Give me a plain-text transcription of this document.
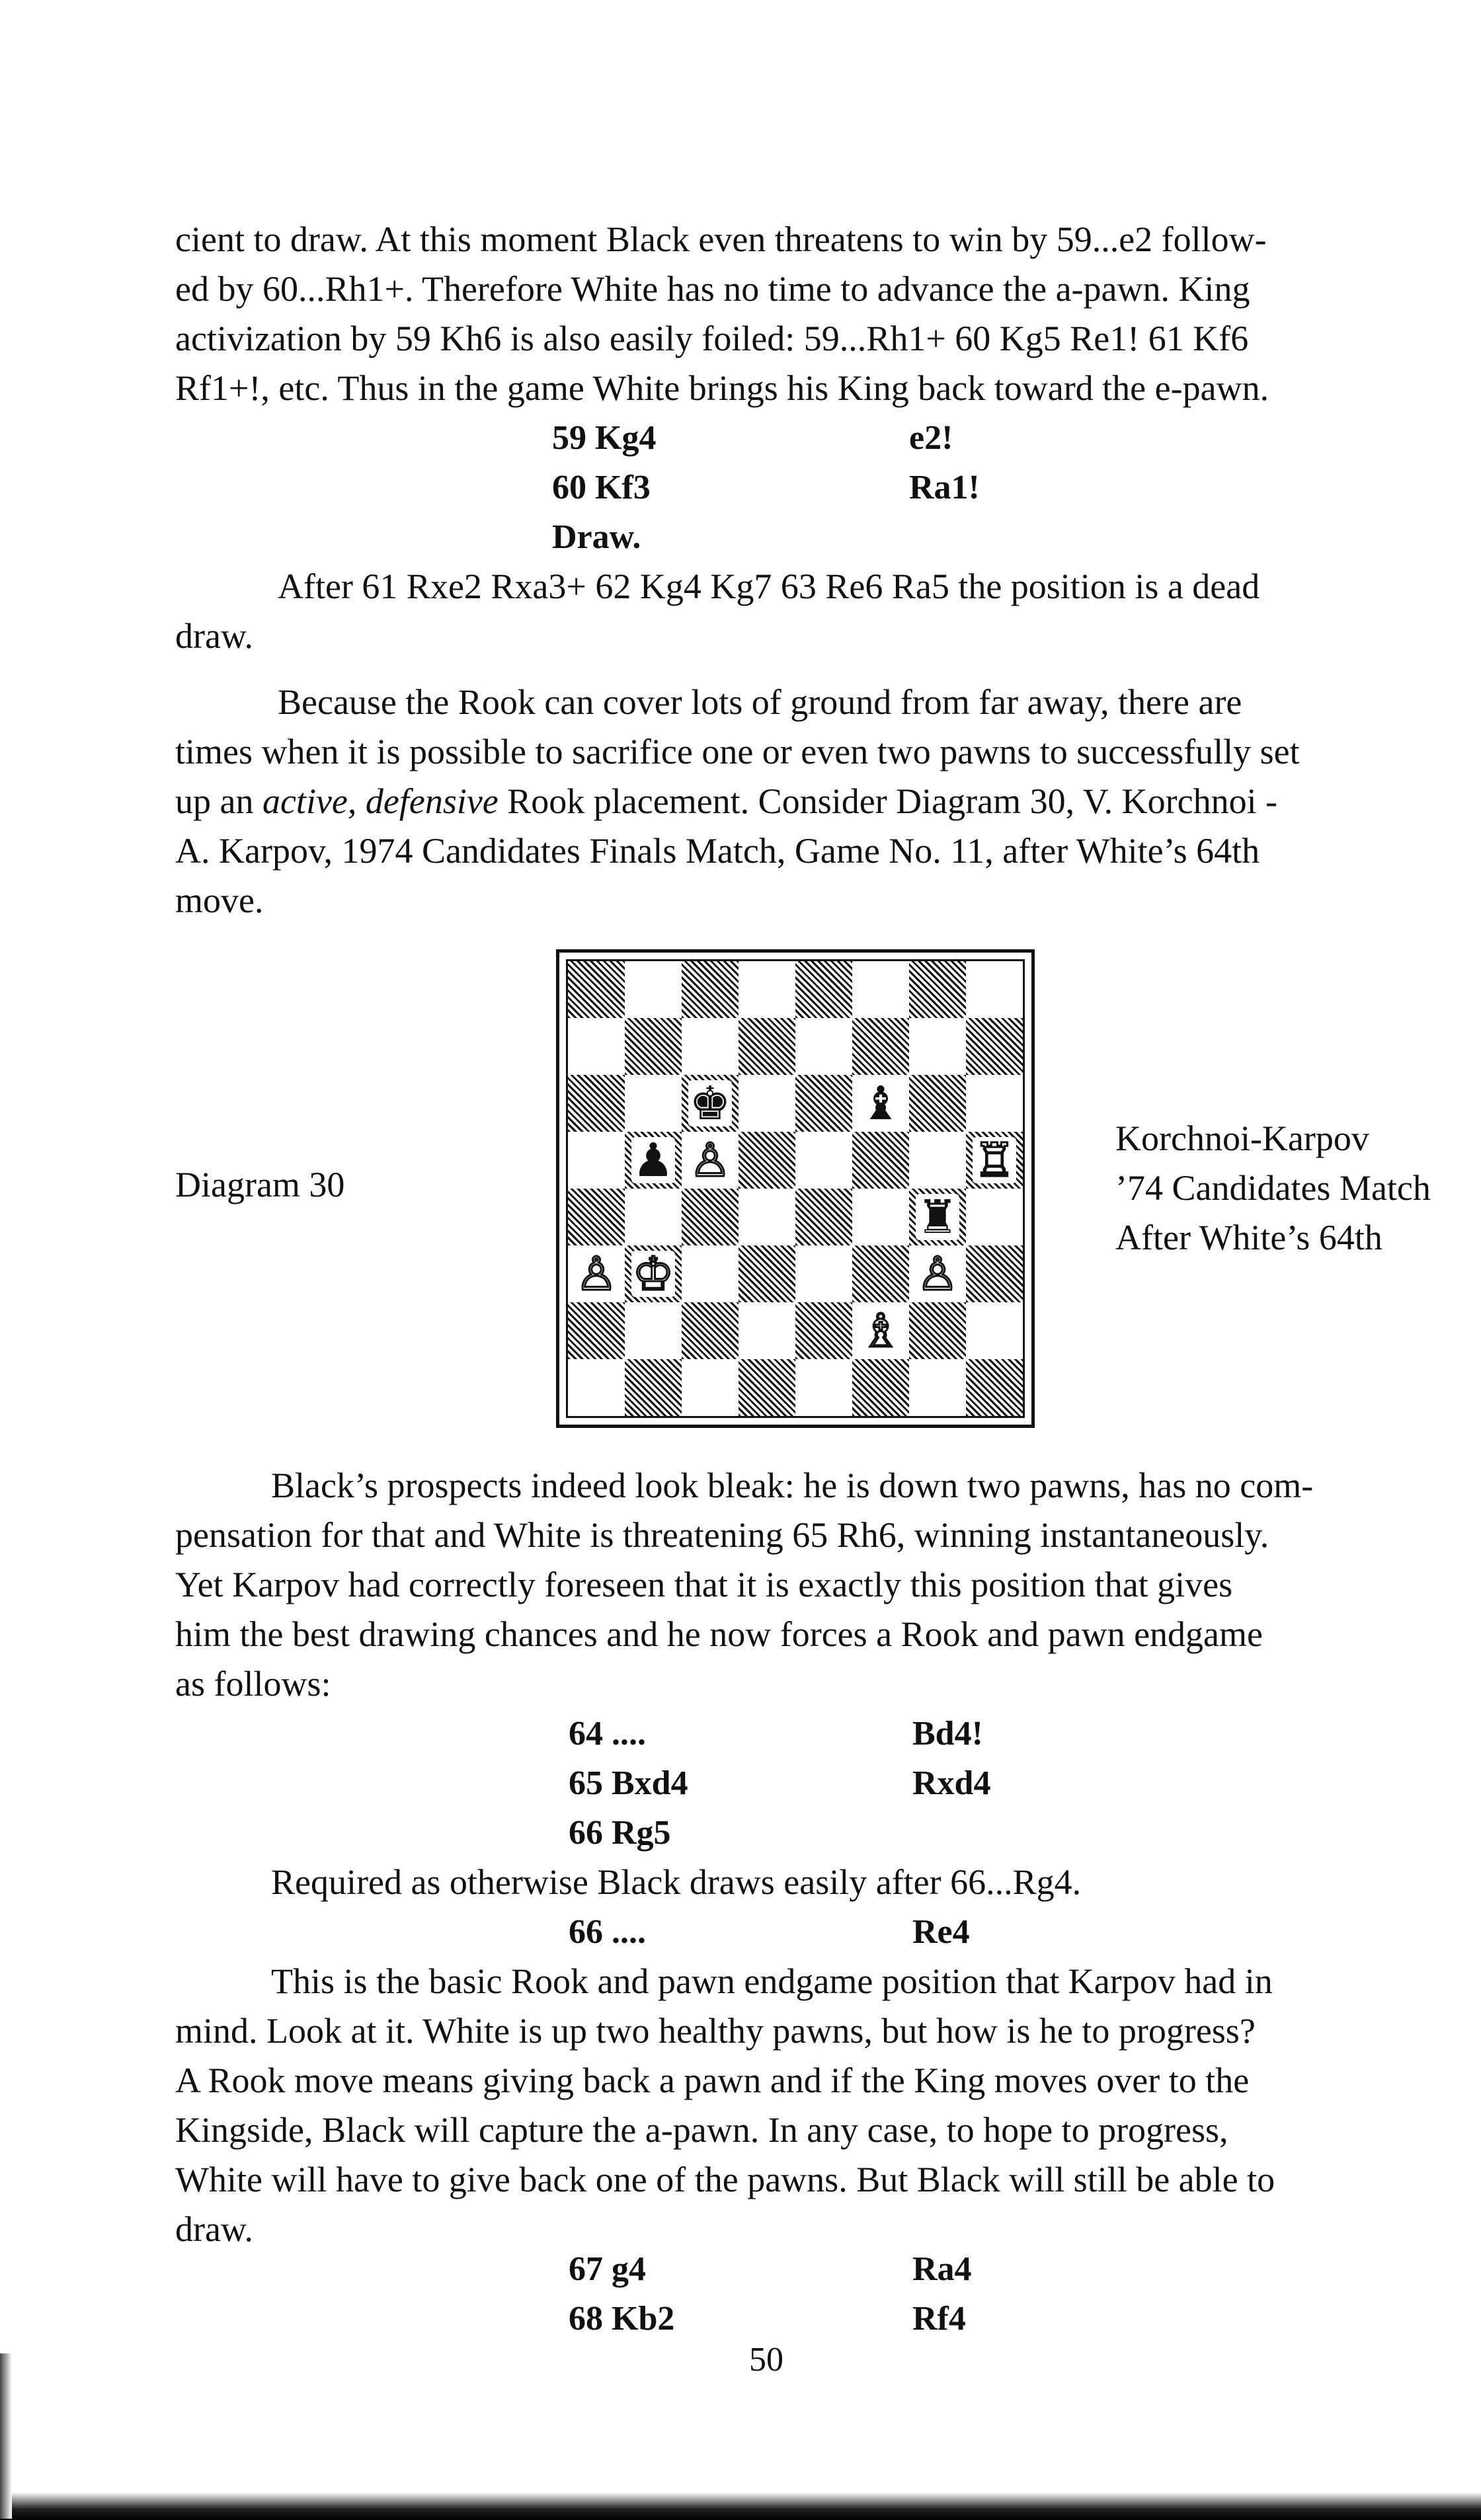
cient to draw. At this moment Black even threatens to win by 59...e2 follow-
ed by 60...Rh1+. Therefore White has no time to advance the a-pawn. King
activization by 59 Kh6 is also easily foiled: 59...Rh1+ 60 Kg5 Re1! 61 Kf6
Rf1+!, etc. Thus in the game White brings his King back toward the e-pawn.
59 Kg4	e2!
60 Kf3	Ra1!
Draw.
After 61 Rxe2 Rxa3+ 62 Kg4 Kg7 63 Re6 Ra5 the position is a dead
draw.
Because the Rook can cover lots of ground from far away, there are
times when it is possible to sacrifice one or even two pawns to successfully set
up an active, defensive Rook placement. Consider Diagram 30, V. Korchnoi -
A. Karpov, 1974 Candidates Finals Match, Game No. 11, after White’s 64th
move.
Diagram 30
♚	♝
♟ ♙	♖
♜
♙ ♔	♙
♗
Korchnoi-Karpov
’74 Candidates Match
After White’s 64th
Black’s prospects indeed look bleak: he is down two pawns, has no com-
pensation for that and White is threatening 65 Rh6, winning instantaneously.
Yet Karpov had correctly foreseen that it is exactly this position that gives
him the best drawing chances and he now forces a Rook and pawn endgame
as follows:
64 ....	Bd4!
65 Bxd4	Rxd4
66 Rg5
Required as otherwise Black draws easily after 66...Rg4.
66 ....	Re4
This is the basic Rook and pawn endgame position that Karpov had in
mind. Look at it. White is up two healthy pawns, but how is he to progress?
A Rook move means giving back a pawn and if the King moves over to the
Kingside, Black will capture the a-pawn. In any case, to hope to progress,
White will have to give back one of the pawns. But Black will still be able to
draw.
67 g4	Ra4
68 Kb2	Rf4
50
